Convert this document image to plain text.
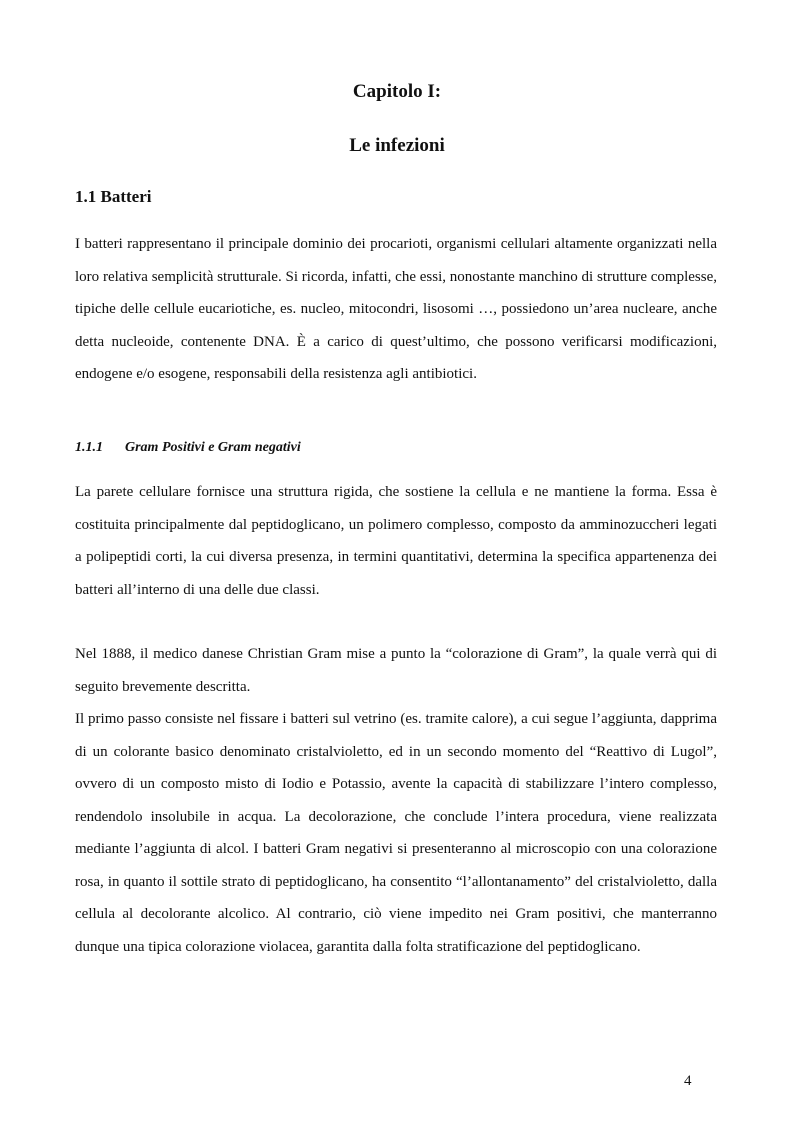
Capitolo I:
Le infezioni
1.1 Batteri

I batteri rappresentano il principale dominio dei procarioti, organismi cellulari altamente organizzati nella loro relativa semplicità strutturale. Si ricorda, infatti, che essi, nonostante manchino di strutture complesse, tipiche delle cellule eucariotiche, es. nucleo, mitocondri, lisosomi …, possiedono un’area nucleare, anche detta nucleoide, contenente DNA. È a carico di quest’ultimo, che possono verificarsi modificazioni, endogene e/o esogene, responsabili della resistenza agli antibiotici.

1.1.1 Gram Positivi e Gram negativi

La parete cellulare fornisce una struttura rigida, che sostiene la cellula e ne mantiene la forma. Essa è costituita principalmente dal peptidoglicano, un polimero complesso, composto da amminozuccheri legati a polipeptidi corti, la cui diversa presenza, in termini quantitativi, determina la specifica appartenenza dei batteri all’interno di una delle due classi.

Nel 1888, il medico danese Christian Gram mise a punto la “colorazione di Gram”, la quale verrà qui di seguito brevemente descritta.

Il primo passo consiste nel fissare i batteri sul vetrino (es. tramite calore), a cui segue l’aggiunta, dapprima di un colorante basico denominato cristalvioletto, ed in un secondo momento del “Reattivo di Lugol”, ovvero di un composto misto di Iodio e Potassio, avente la capacità di stabilizzare l’intero complesso, rendendolo insolubile in acqua. La decolorazione, che conclude l’intera procedura, viene realizzata mediante l’aggiunta di alcol. I batteri Gram negativi si presenteranno al microscopio con una colorazione rosa, in quanto il sottile strato di peptidoglicano, ha consentito “l’allontanamento” del cristalvioletto, dalla cellula al decolorante alcolico. Al contrario, ciò viene impedito nei Gram positivi, che manterranno dunque una tipica colorazione violacea, garantita dalla folta stratificazione del peptidoglicano.

4
